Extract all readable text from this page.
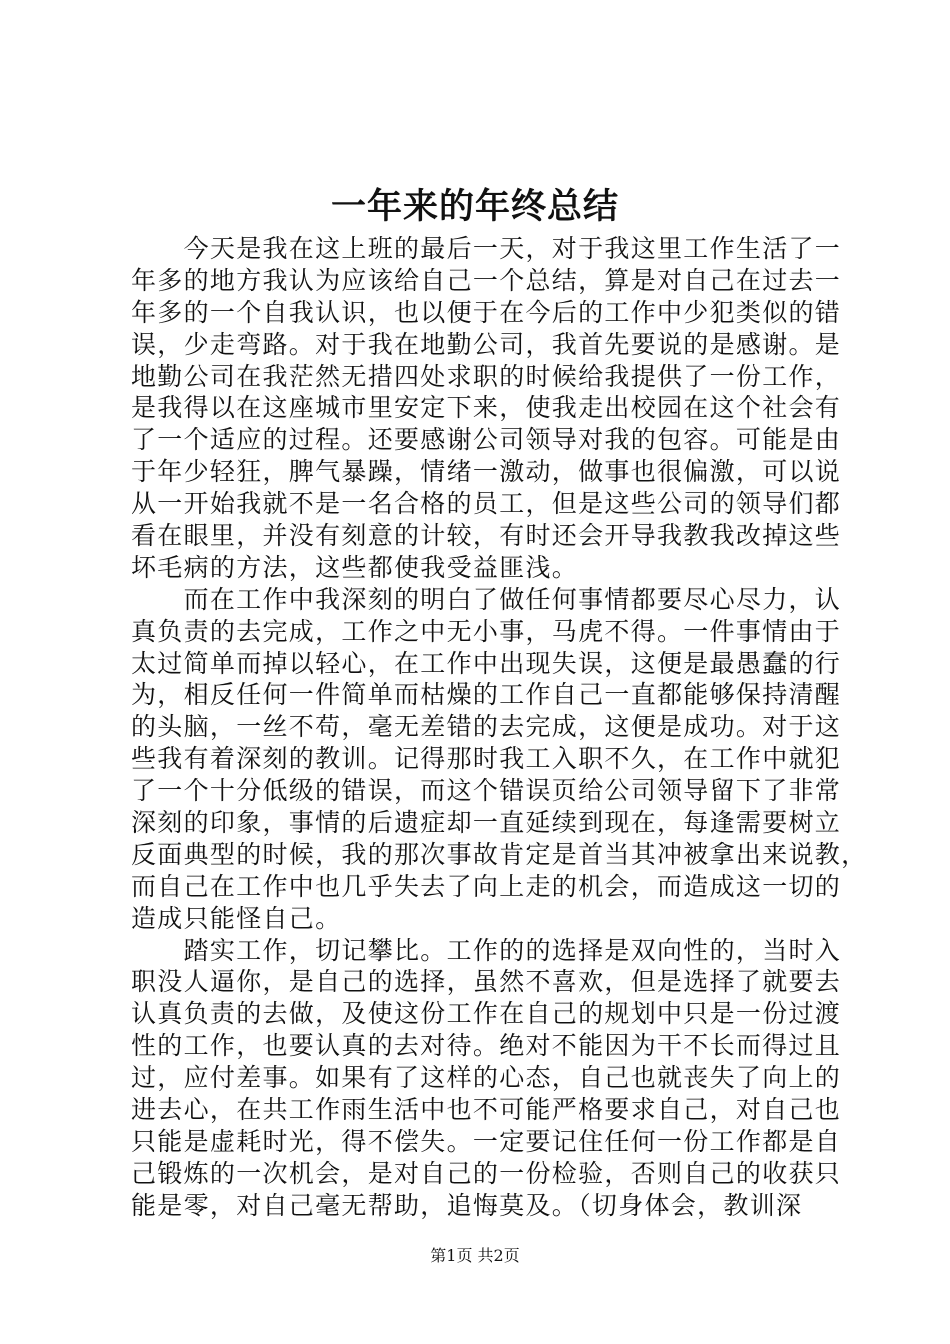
一年来的年终总结
　　今天是我在这上班的最后一天，对于我这里工作生活了一
年多的地方我认为应该给自己一个总结，算是对自己在过去一
年多的一个自我认识，也以便于在今后的工作中少犯类似的错
误，少走弯路。对于我在地勤公司，我首先要说的是感谢。是
地勤公司在我茫然无措四处求职的时候给我提供了一份工作，
是我得以在这座城市里安定下来，使我走出校园在这个社会有
了一个适应的过程。还要感谢公司领导对我的包容。可能是由
于年少轻狂，脾气暴躁，情绪一激动，做事也很偏激，可以说
从一开始我就不是一名合格的员工，但是这些公司的领导们都
看在眼里，并没有刻意的计较，有时还会开导我教我改掉这些
坏毛病的方法，这些都使我受益匪浅。
　　而在工作中我深刻的明白了做任何事情都要尽心尽力，认
真负责的去完成，工作之中无小事，马虎不得。一件事情由于
太过简单而掉以轻心，在工作中出现失误，这便是最愚蠢的行
为，相反任何一件简单而枯燥的工作自己一直都能够保持清醒
的头脑，一丝不苟，毫无差错的去完成，这便是成功。对于这
些我有着深刻的教训。记得那时我工入职不久，在工作中就犯
了一个十分低级的错误，而这个错误页给公司领导留下了非常
深刻的印象，事情的后遗症却一直延续到现在，每逢需要树立
反面典型的时候，我的那次事故肯定是首当其冲被拿出来说教，
而自己在工作中也几乎失去了向上走的机会，而造成这一切的
造成只能怪自己。
　　踏实工作，切记攀比。工作的的选择是双向性的，当时入
职没人逼你，是自己的选择，虽然不喜欢，但是选择了就要去
认真负责的去做，及使这份工作在自己的规划中只是一份过渡
性的工作，也要认真的去对待。绝对不能因为干不长而得过且
过，应付差事。如果有了这样的心态，自己也就丧失了向上的
进去心，在共工作雨生活中也不可能严格要求自己，对自己也
只能是虚耗时光，得不偿失。一定要记住任何一份工作都是自
己锻炼的一次机会，是对自己的一份检验，否则自己的收获只
能是零，对自己毫无帮助，追悔莫及。（切身体会，教训深
第1页 共2页
